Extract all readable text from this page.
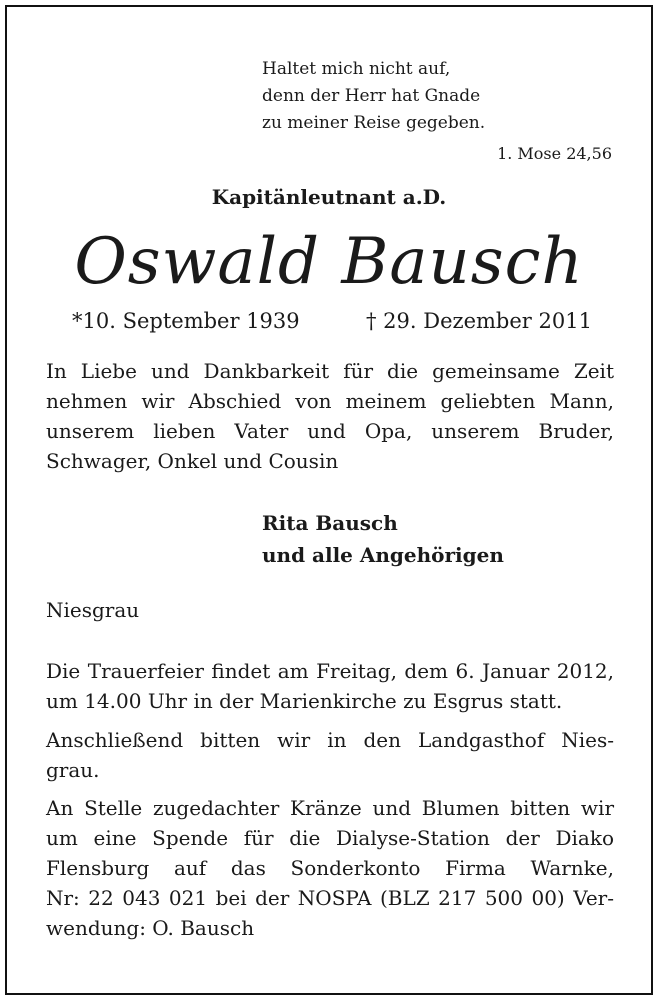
Haltet mich nicht auf,
denn der Herr hat Gnade
zu meiner Reise gegeben.
1. Mose 24,56
Kapitänleutnant a.D.
Oswald Bausch
*10. September 1939	† 29. Dezember 2011
In Liebe und Dankbarkeit für die gemeinsame Zeit
nehmen wir Abschied von meinem geliebten Mann,
unserem lieben Vater und Opa, unserem Bruder,
Schwager, Onkel und Cousin
Rita Bausch
und alle Angehörigen
Niesgrau
Die Trauerfeier findet am Freitag, dem 6. Januar 2012,
um 14.00 Uhr in der Marienkirche zu Esgrus statt.
Anschließend bitten wir in den Landgasthof Nies-
grau.
An Stelle zugedachter Kränze und Blumen bitten wir
um eine Spende für die Dialyse-Station der Diako
Flensburg auf das Sonderkonto Firma Warnke,
Nr: 22 043 021 bei der NOSPA (BLZ 217 500 00) Ver-
wendung: O. Bausch
